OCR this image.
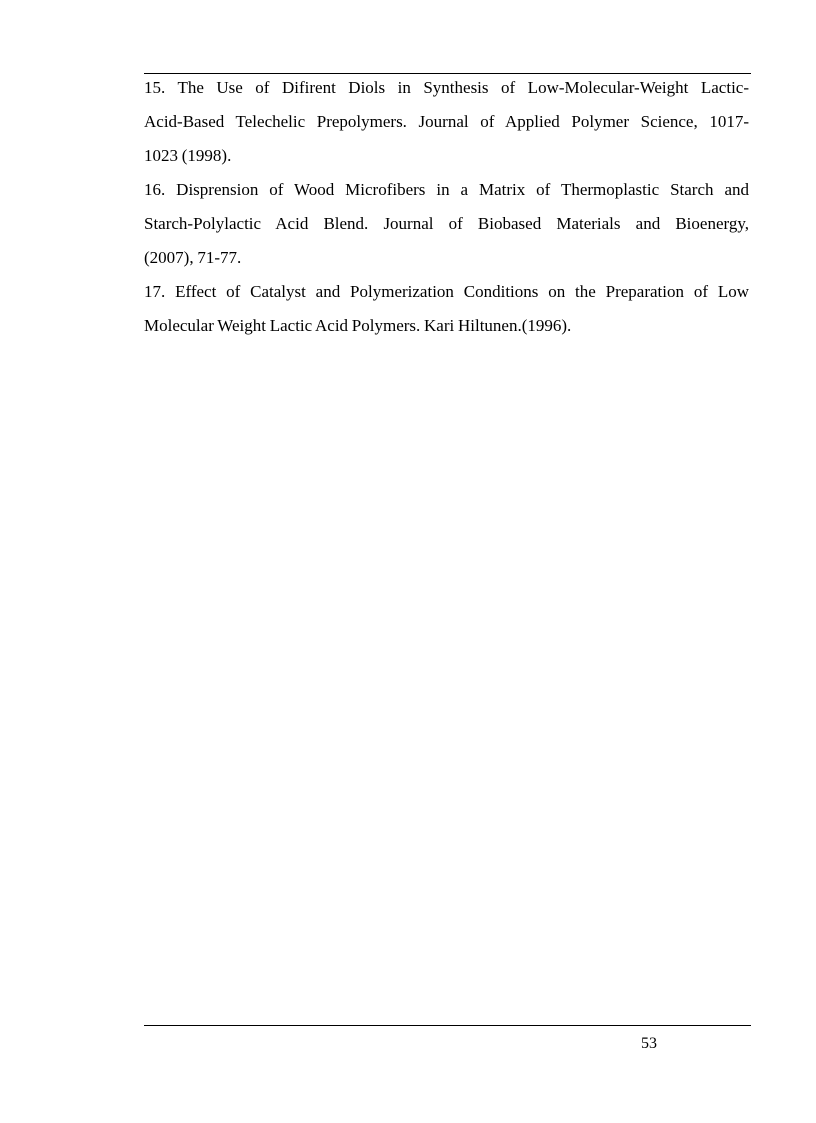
15. The Use of Difirent Diols in Synthesis of Low-Molecular-Weight Lactic-
Acid-Based Telechelic Prepolymers. Journal of Applied Polymer Science, 1017-
1023 (1998).
16. Disprension of Wood Microfibers in a Matrix of Thermoplastic Starch and
Starch-Polylactic Acid Blend. Journal of Biobased Materials and Bioenergy,
(2007), 71-77.
17. Effect of Catalyst and Polymerization Conditions on the Preparation of Low
Molecular Weight Lactic Acid Polymers. Kari Hiltunen.(1996).
53
